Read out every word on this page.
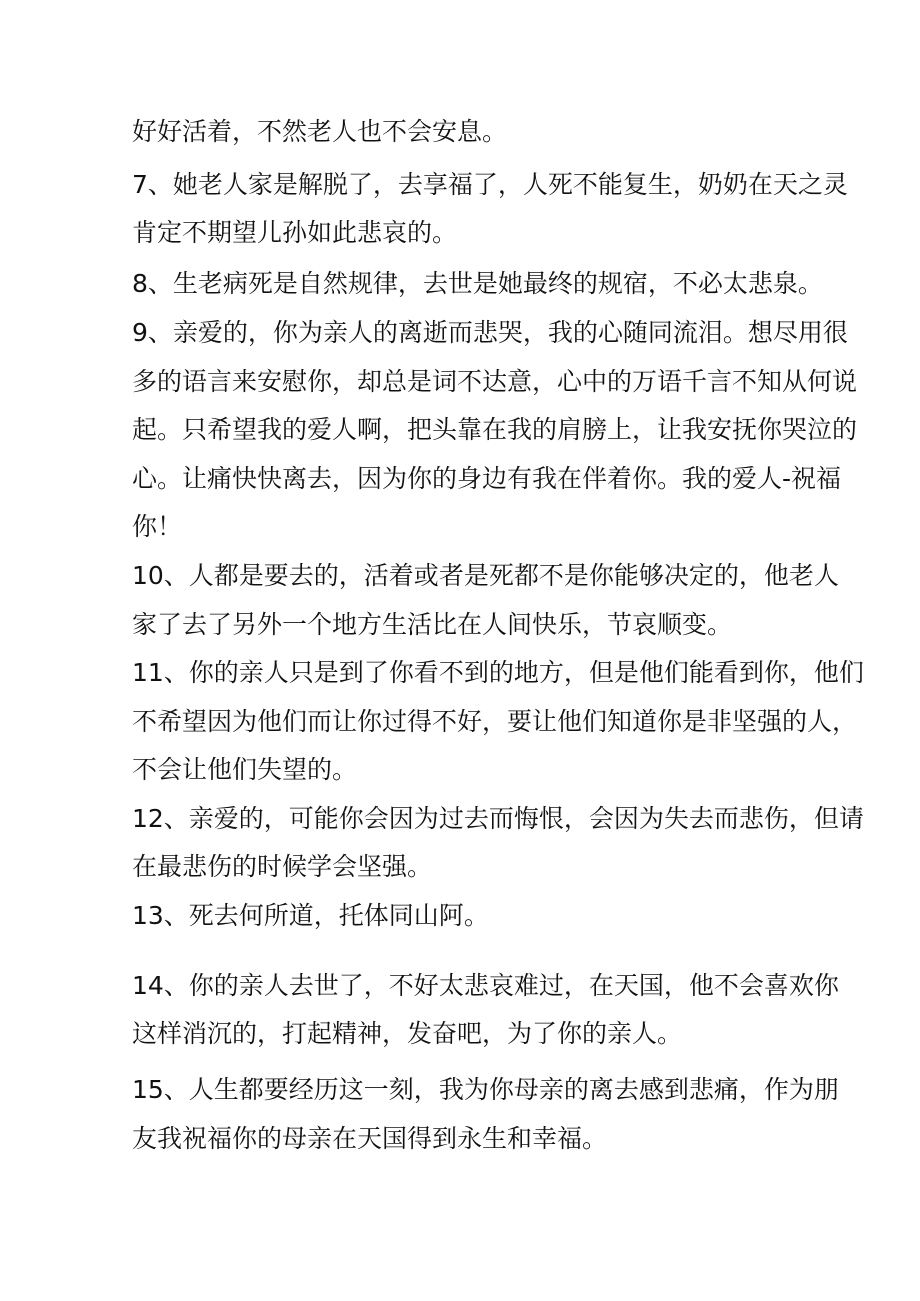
好好活着，不然老人也不会安息。
7、她老人家是解脱了，去享福了，人死不能复生，奶奶在天之灵
肯定不期望儿孙如此悲哀的。
8、生老病死是自然规律，去世是她最终的规宿，不必太悲泉。
9、亲爱的，你为亲人的离逝而悲哭，我的心随同流泪。想尽用很
多的语言来安慰你，却总是词不达意，心中的万语千言不知从何说
起。只希望我的爱人啊，把头靠在我的肩膀上，让我安抚你哭泣的
心。让痛快快离去，因为你的身边有我在伴着你。我的爱人-祝福
你！
10、人都是要去的，活着或者是死都不是你能够决定的，他老人
家了去了另外一个地方生活比在人间快乐，节哀顺变。
11、你的亲人只是到了你看不到的地方，但是他们能看到你，他们
不希望因为他们而让你过得不好，要让他们知道你是非坚强的人，
不会让他们失望的。
12、亲爱的，可能你会因为过去而悔恨，会因为失去而悲伤，但请
在最悲伤的时候学会坚强。
13、死去何所道，托体同山阿。
14、你的亲人去世了，不好太悲哀难过，在天国，他不会喜欢你
这样消沉的，打起精神，发奋吧，为了你的亲人。
15、人生都要经历这一刻，我为你母亲的离去感到悲痛，作为朋
友我祝福你的母亲在天国得到永生和幸福。
